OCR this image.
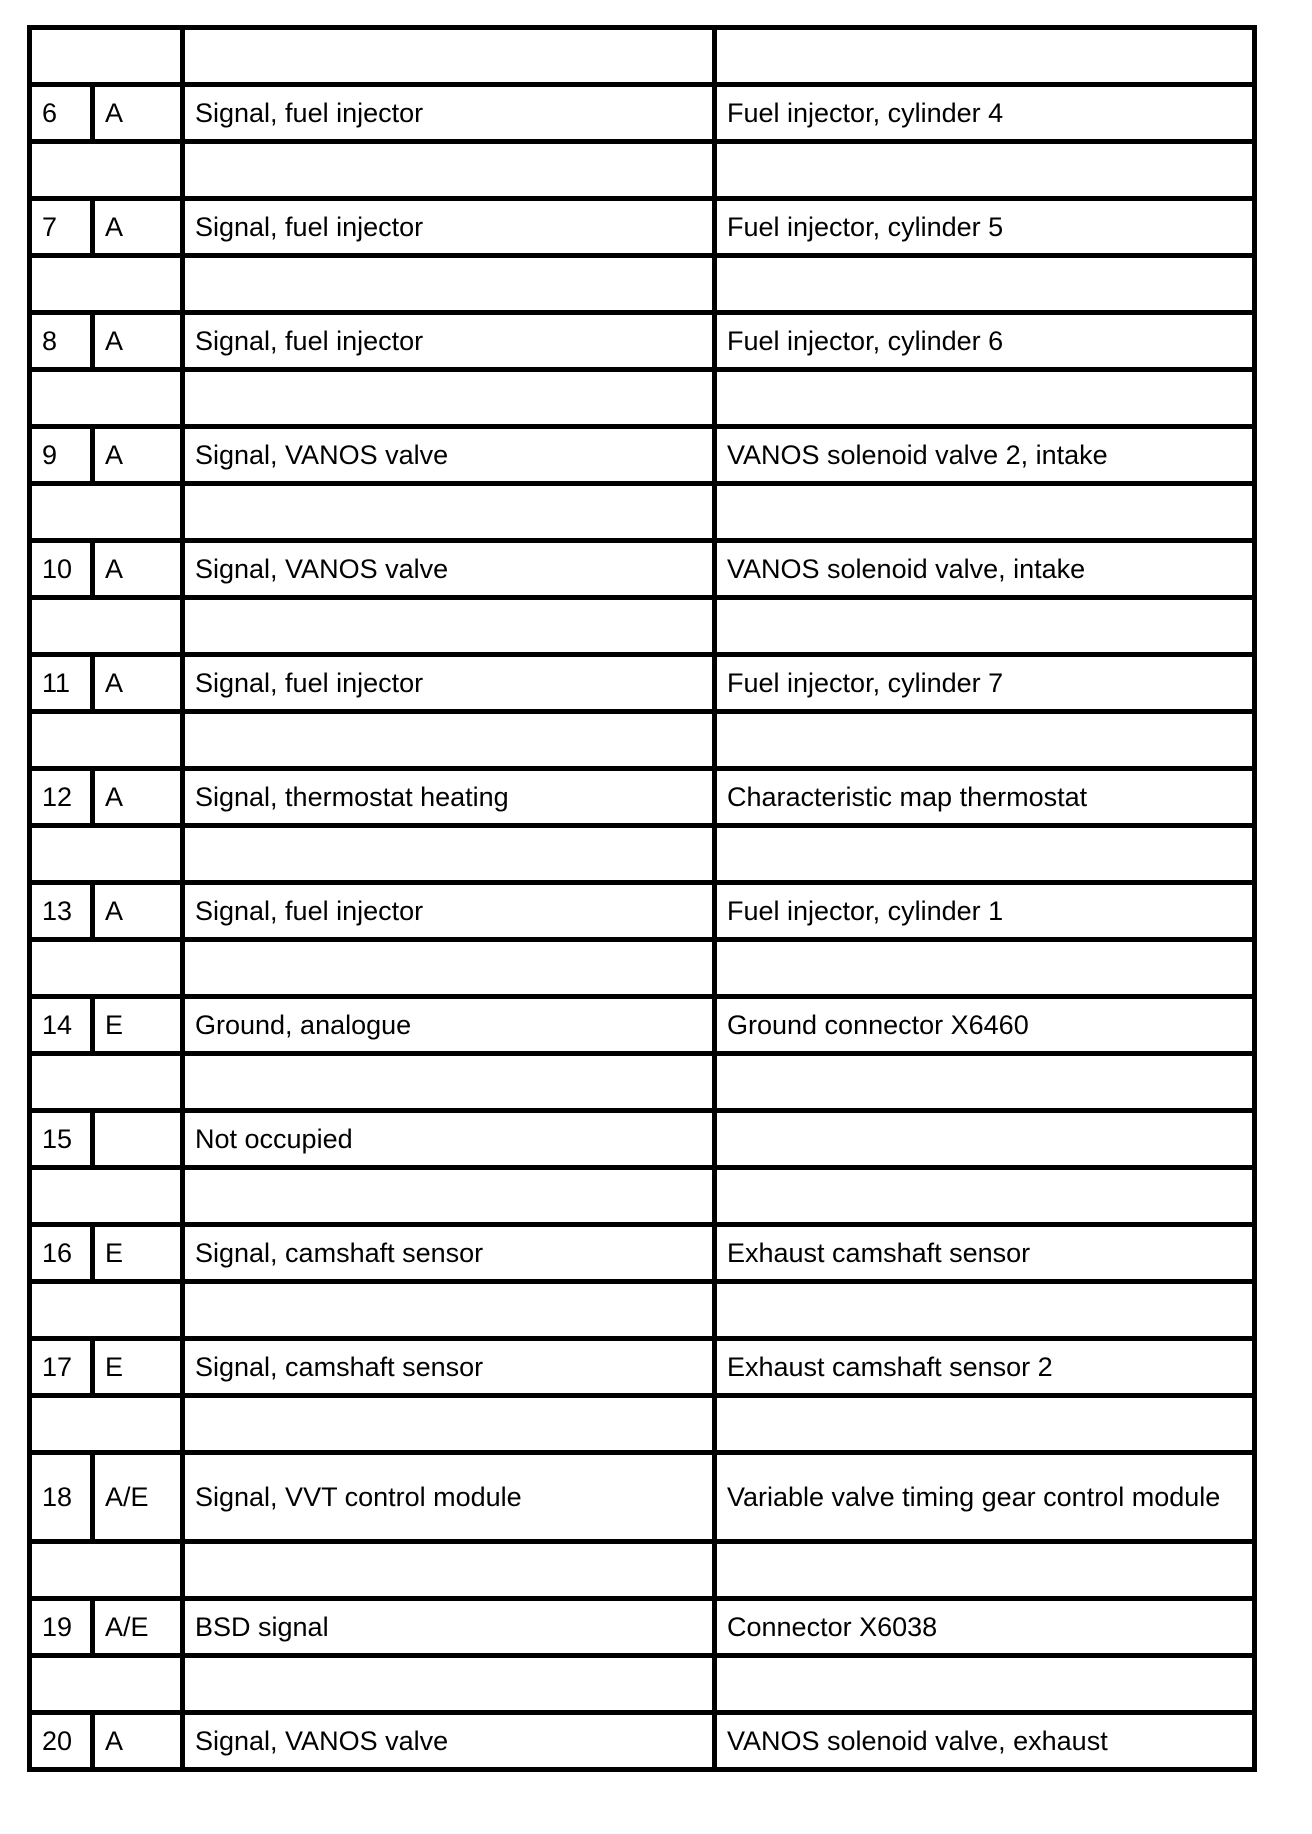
6	A	Signal, fuel injector	Fuel injector, cylinder 4

7	A	Signal, fuel injector	Fuel injector, cylinder 5

8	A	Signal, fuel injector	Fuel injector, cylinder 6

9	A	Signal, VANOS valve	VANOS solenoid valve 2, intake

10	A	Signal, VANOS valve	VANOS solenoid valve, intake

11	A	Signal, fuel injector	Fuel injector, cylinder 7

12	A	Signal, thermostat heating	Characteristic map thermostat

13	A	Signal, fuel injector	Fuel injector, cylinder 1

14	E	Ground, analogue	Ground connector X6460

15		Not occupied	

16	E	Signal, camshaft sensor	Exhaust camshaft sensor

17	E	Signal, camshaft sensor	Exhaust camshaft sensor 2

18	A/E	Signal, VVT control module	Variable valve timing gear control module

19	A/E	BSD signal	Connector X6038

20	A	Signal, VANOS valve	VANOS solenoid valve, exhaust
